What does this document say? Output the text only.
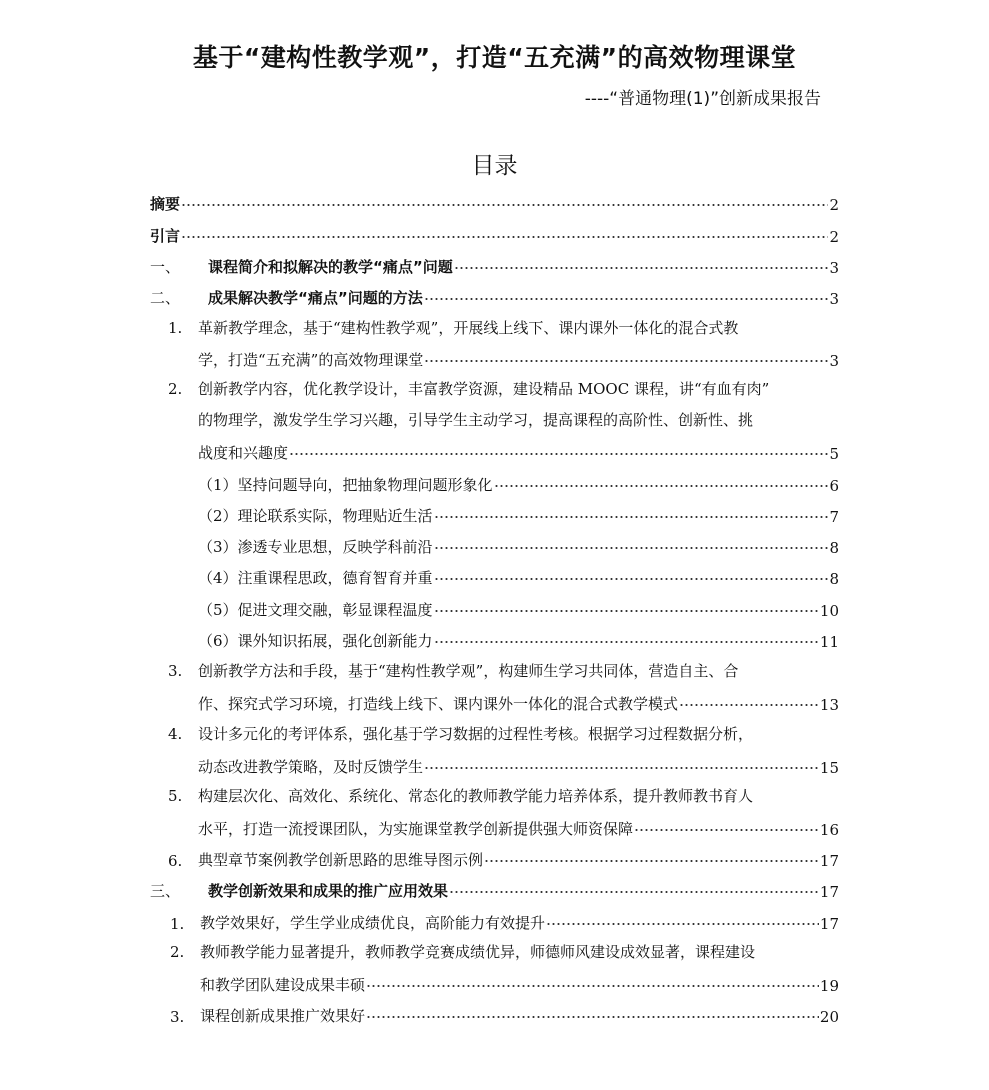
基于“建构性教学观”，打造“五充满”的高效物理课堂
----“普通物理(1)”创新成果报告
目录
摘要	2
引言	2
一、	课程简介和拟解决的教学“痛点”问题	3
二、	成果解决教学“痛点”问题的方法	3
1. 革新教学理念，基于“建构性教学观”，开展线上线下、课内课外一体化的混合式教
学，打造“五充满”的高效物理课堂	3
2. 创新教学内容，优化教学设计，丰富教学资源，建设精品 MOOC 课程，讲“有血有肉”
的物理学，激发学生学习兴趣，引导学生主动学习，提高课程的高阶性、创新性、挑
战度和兴趣度	5
（1）坚持问题导向，把抽象物理问题形象化	6
（2）理论联系实际，物理贴近生活	7
（3）渗透专业思想，反映学科前沿	8
（4）注重课程思政，德育智育并重	8
（5）促进文理交融，彰显课程温度	10
（6）课外知识拓展，强化创新能力	11
3. 创新教学方法和手段，基于“建构性教学观”，构建师生学习共同体，营造自主、合
作、探究式学习环境，打造线上线下、课内课外一体化的混合式教学模式	13
4. 设计多元化的考评体系，强化基于学习数据的过程性考核。根据学习过程数据分析，
动态改进教学策略，及时反馈学生	15
5. 构建层次化、高效化、系统化、常态化的教师教学能力培养体系，提升教师教书育人
水平，打造一流授课团队，为实施课堂教学创新提供强大师资保障	16
6.	典型章节案例教学创新思路的思维导图示例	17
三、	教学创新效果和成果的推广应用效果	17
1.	教学效果好，学生学业成绩优良，高阶能力有效提升	17
2. 教师教学能力显著提升，教师教学竞赛成绩优异，师德师风建设成效显著，课程建设
和教学团队建设成果丰硕	19
3.	课程创新成果推广效果好	20
